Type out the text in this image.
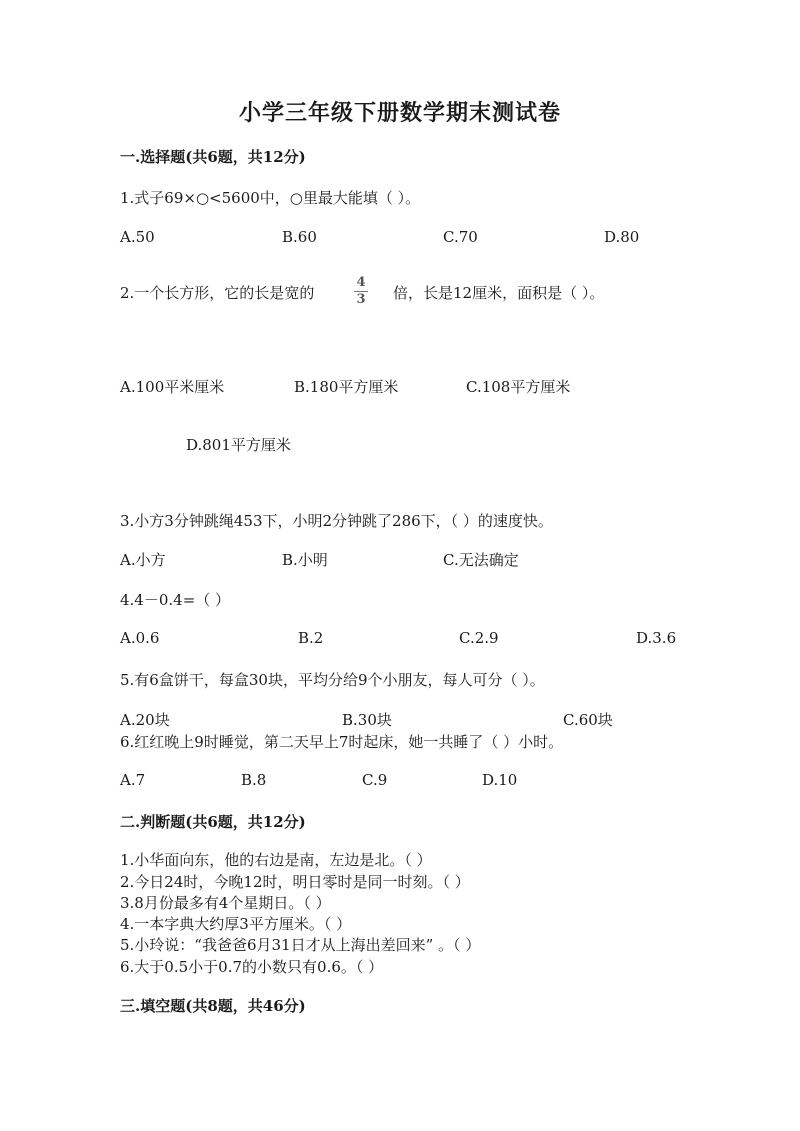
小学三年级下册数学期末测试卷
一.选择题(共6题，共12分)
1.式子69×○<5600中，○里最大能填（ ）。
A.50	B.60	C.70	D.80
2.一个长方形，它的长是宽的
4
3 倍，长是12厘米，面积是（ ）。
A.100平米厘米	B.180平方厘米	C.108平方厘米
D.801平方厘米
3.小方3分钟跳绳453下，小明2分钟跳了286下，（ ）的速度快。
A.小方	B.小明	C.无法确定
4.4－0.4=（ ）
A.0.6	B.2	C.2.9	D.3.6
5.有6盒饼干，每盒30块，平均分给9个小朋友，每人可分（ ）。
A.20块	B.30块	C.60块
6.红红晚上9时睡觉，第二天早上7时起床，她一共睡了（ ）小时。
A.7	B.8	C.9	D.10
二.判断题(共6题，共12分)
1.小华面向东，他的右边是南，左边是北。（ ）
2.今日24时，今晚12时，明日零时是同一时刻。（ ）
3.8月份最多有4个星期日。（ ）
4.一本字典大约厚3平方厘米。（ ）
5.小玲说：“我爸爸6月31日才从上海出差回来” 。（ ）
6.大于0.5小于0.7的小数只有0.6。（ ）
三.填空题(共8题，共46分)
